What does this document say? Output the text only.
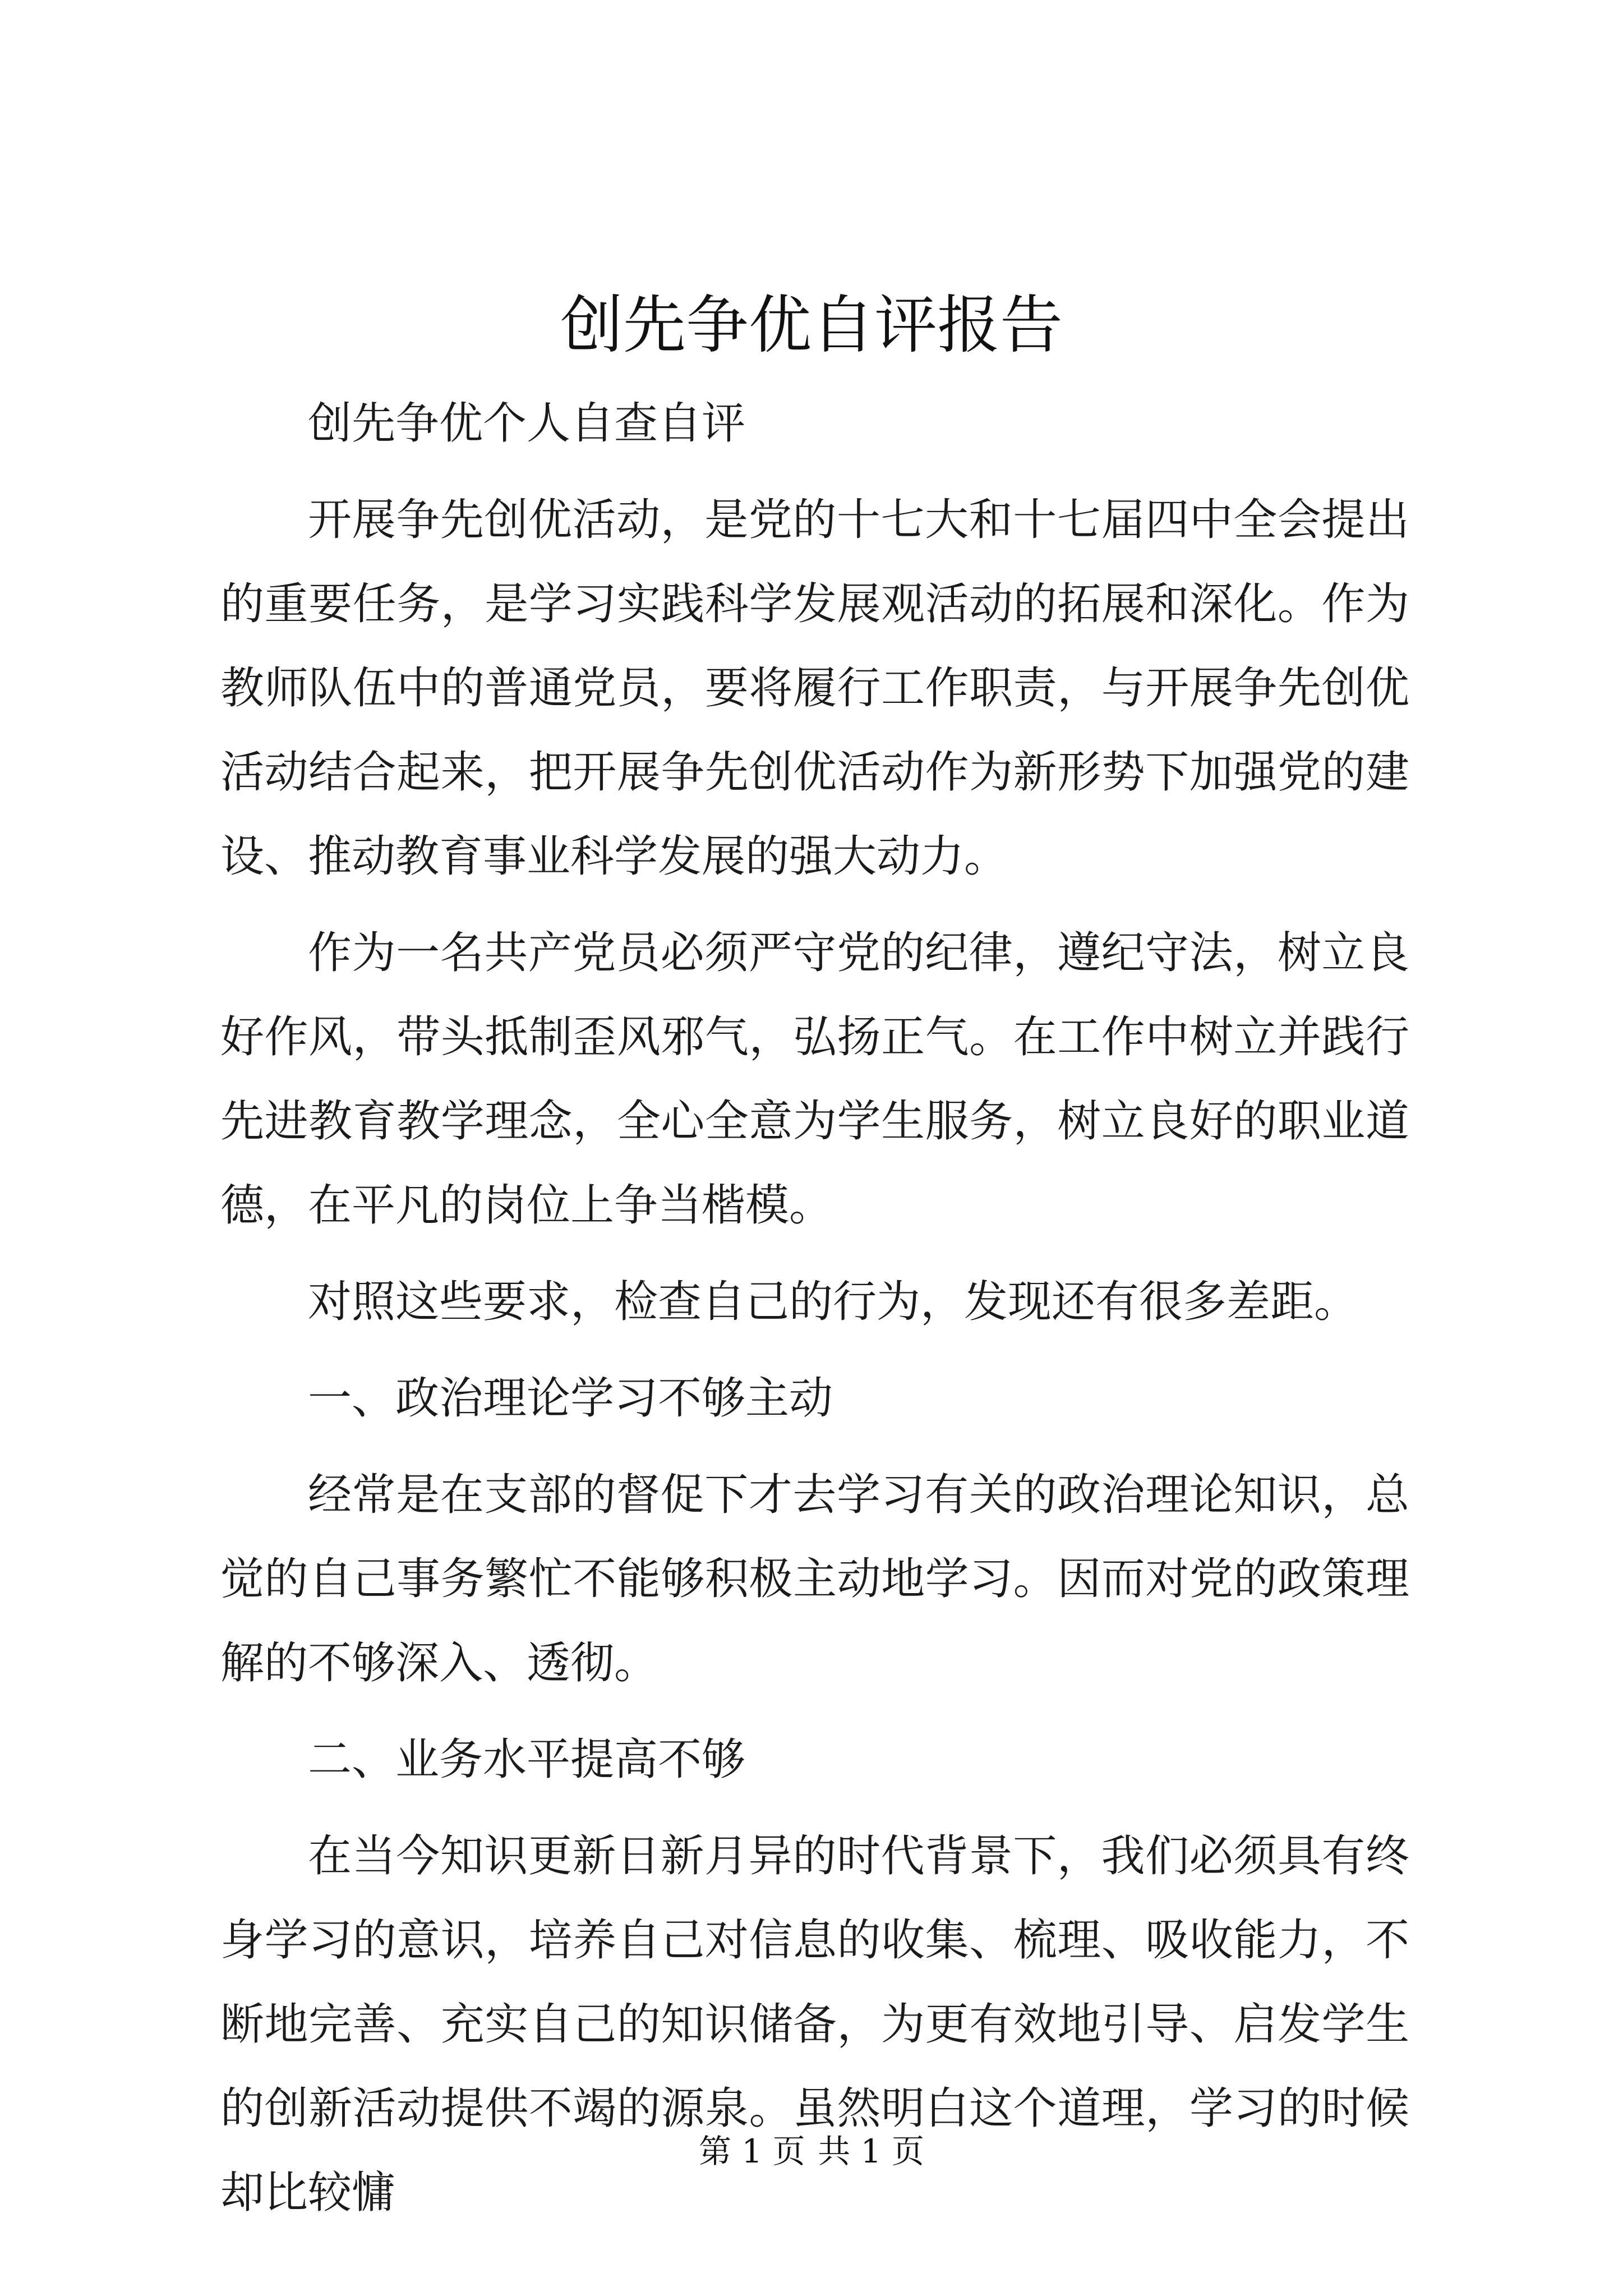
创先争优自评报告

创先争优个人自查自评

开展争先创优活动，是党的十七大和十七届四中全会提出的重要任务，是学习实践科学发展观活动的拓展和深化。作为教师队伍中的普通党员，要将履行工作职责，与开展争先创优活动结合起来，把开展争先创优活动作为新形势下加强党的建设、推动教育事业科学发展的强大动力。

作为一名共产党员必须严守党的纪律，遵纪守法，树立良好作风，带头抵制歪风邪气，弘扬正气。在工作中树立并践行先进教育教学理念，全心全意为学生服务，树立良好的职业道德，在平凡的岗位上争当楷模。

对照这些要求，检查自己的行为，发现还有很多差距。

一、政治理论学习不够主动

经常是在支部的督促下才去学习有关的政治理论知识，总觉的自己事务繁忙不能够积极主动地学习。因而对党的政策理解的不够深入、透彻。

二、业务水平提高不够

在当今知识更新日新月异的时代背景下，我们必须具有终身学习的意识，培养自己对信息的收集、梳理、吸收能力，不断地完善、充实自己的知识储备，为更有效地引导、启发学生的创新活动提供不竭的源泉。虽然明白这个道理，学习的时候却比较慵

第 1 页 共 1 页
